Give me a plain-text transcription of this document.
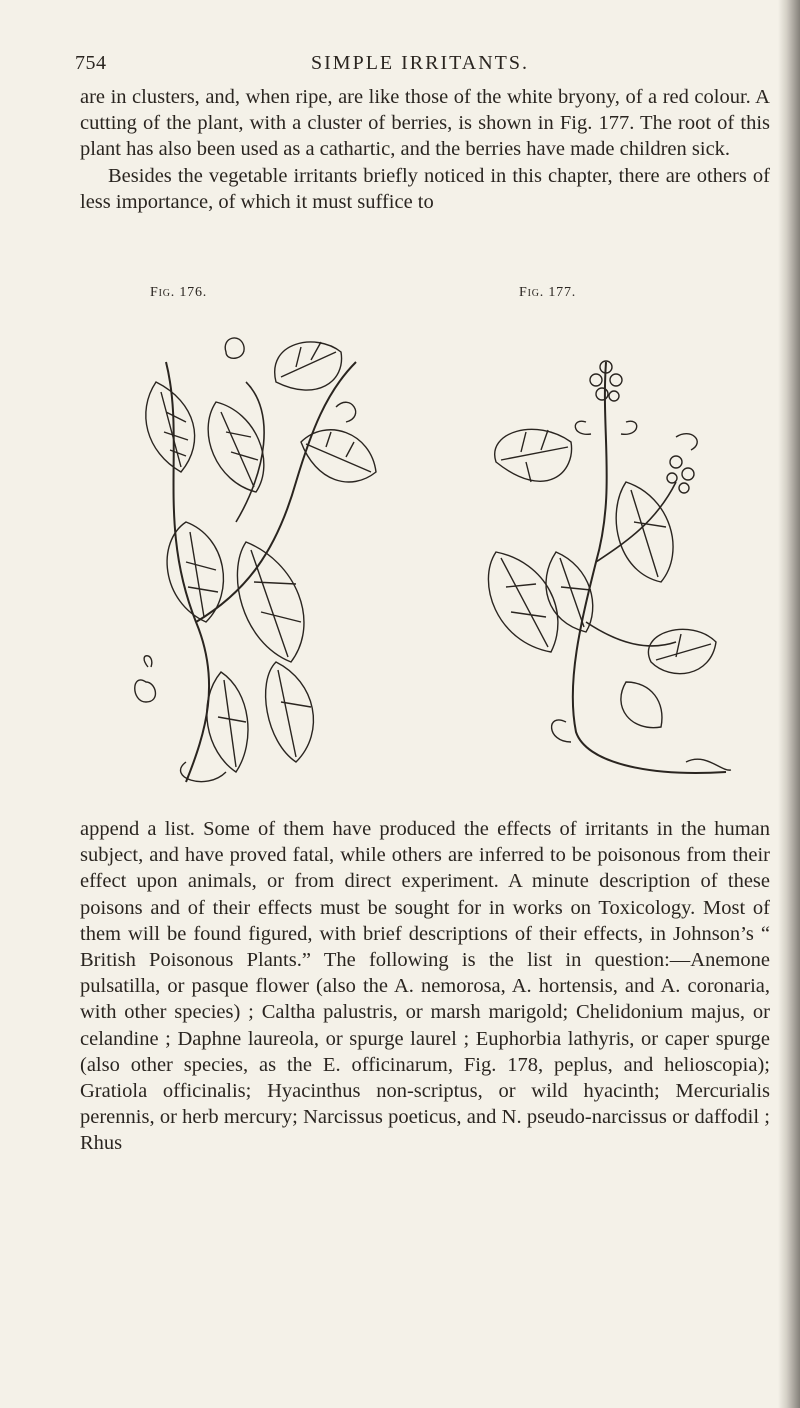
754	SIMPLE IRRITANTS.

are in clusters, and, when ripe, are like those of the white bryony, of a red colour. A cutting of the plant, with a cluster of berries, is shown in Fig. 177. The root of this plant has also been used as a cathartic, and the berries have made children sick.

Besides the vegetable irritants briefly noticed in this chapter, there are others of less importance, of which it must suffice to

Fig. 176.	Fig. 177.

append a list. Some of them have produced the effects of irritants in the human subject, and have proved fatal, while others are inferred to be poisonous from their effect upon animals, or from direct experiment. A minute description of these poisons and of their effects must be sought for in works on Toxicology. Most of them will be found figured, with brief descriptions of their effects, in Johnson’s “ British Poisonous Plants.” The following is the list in question:—Anemone pulsatilla, or pasque flower (also the A. nemorosa, A. hortensis, and A. coronaria, with other species) ; Caltha palustris, or marsh marigold; Chelidonium majus, or celandine ; Daphne laureola, or spurge laurel ; Euphorbia lathyris, or caper spurge (also other species, as the E. officinarum, Fig. 178, peplus, and helioscopia); Gratiola officinalis; Hyacinthus non-scriptus, or wild hyacinth; Mercurialis perennis, or herb mercury; Narcissus poeticus, and N. pseudo-narcissus or daffodil ; Rhus
